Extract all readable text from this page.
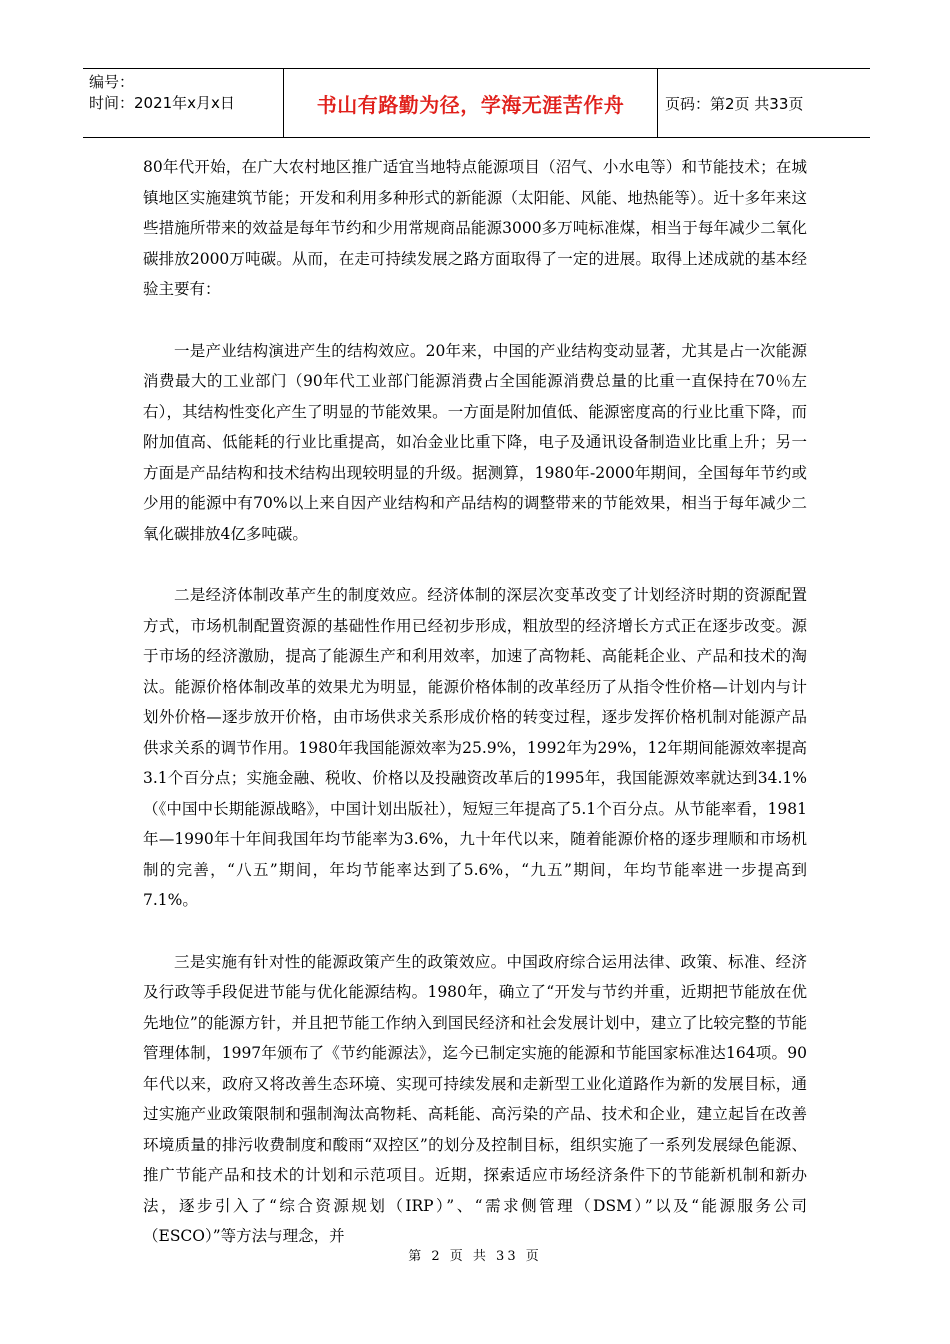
编号：
时间：2021年x月x日	书山有路勤为径，学海无涯苦作舟	页码：第2页 共33页

80年代开始，在广大农村地区推广适宜当地特点能源项目（沼气、小水电等）和节能技术；在城镇地区实施建筑节能；开发和利用多种形式的新能源（太阳能、风能、地热能等）。近十多年来这些措施所带来的效益是每年节约和少用常规商品能源3000多万吨标准煤，相当于每年减少二氧化碳排放2000万吨碳。从而，在走可持续发展之路方面取得了一定的进展。取得上述成就的基本经验主要有：

一是产业结构演进产生的结构效应。20年来，中国的产业结构变动显著，尤其是占一次能源消费最大的工业部门（90年代工业部门能源消费占全国能源消费总量的比重一直保持在70％左右），其结构性变化产生了明显的节能效果。一方面是附加值低、能源密度高的行业比重下降，而附加值高、低能耗的行业比重提高，如冶金业比重下降，电子及通讯设备制造业比重上升；另一方面是产品结构和技术结构出现较明显的升级。据测算，1980年-2000年期间，全国每年节约或少用的能源中有70%以上来自因产业结构和产品结构的调整带来的节能效果，相当于每年减少二氧化碳排放4亿多吨碳。

二是经济体制改革产生的制度效应。经济体制的深层次变革改变了计划经济时期的资源配置方式，市场机制配置资源的基础性作用已经初步形成，粗放型的经济增长方式正在逐步改变。源于市场的经济激励，提高了能源生产和利用效率，加速了高物耗、高能耗企业、产品和技术的淘汰。能源价格体制改革的效果尤为明显，能源价格体制的改革经历了从指令性价格—计划内与计划外价格—逐步放开价格，由市场供求关系形成价格的转变过程，逐步发挥价格机制对能源产品供求关系的调节作用。1980年我国能源效率为25.9%，1992年为29%，12年期间能源效率提高3.1个百分点；实施金融、税收、价格以及投融资改革后的1995年，我国能源效率就达到34.1%（《中国中长期能源战略》，中国计划出版社），短短三年提高了5.1个百分点。从节能率看，1981年—1990年十年间我国年均节能率为3.6%，九十年代以来，随着能源价格的逐步理顺和市场机制的完善，“八五”期间，年均节能率达到了5.6%，“九五”期间，年均节能率进一步提高到7.1%。

三是实施有针对性的能源政策产生的政策效应。中国政府综合运用法律、政策、标准、经济及行政等手段促进节能与优化能源结构。1980年，确立了“开发与节约并重，近期把节能放在优先地位”的能源方针，并且把节能工作纳入到国民经济和社会发展计划中，建立了比较完整的节能管理体制，1997年颁布了《节约能源法》，迄今已制定实施的能源和节能国家标准达164项。90年代以来，政府又将改善生态环境、实现可持续发展和走新型工业化道路作为新的发展目标，通过实施产业政策限制和强制淘汰高物耗、高耗能、高污染的产品、技术和企业，建立起旨在改善环境质量的排污收费制度和酸雨“双控区”的划分及控制目标，组织实施了一系列发展绿色能源、推广节能产品和技术的计划和示范项目。近期，探索适应市场经济条件下的节能新机制和新办法，逐步引入了“综合资源规划（IRP）”、“需求侧管理（DSM）”以及“能源服务公司（ESCO）”等方法与理念，并

第 2 页 共 33 页
